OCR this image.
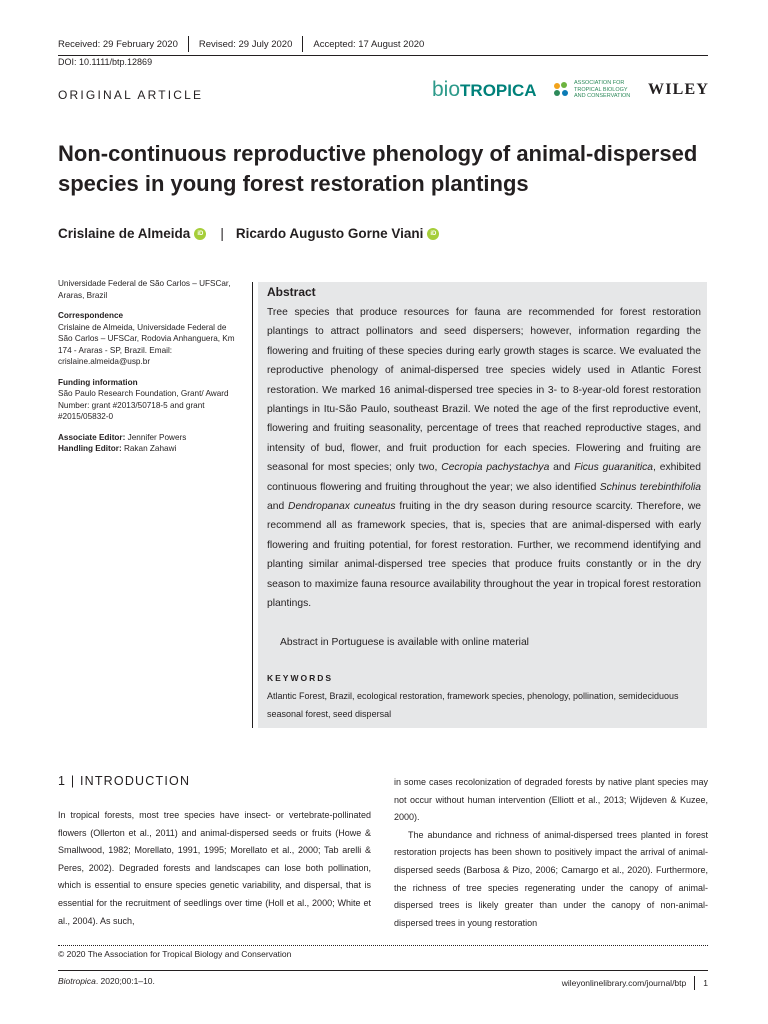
Received: 29 February 2020 Revised: 29 July 2020 Accepted: 17 August 2020
DOI: 10.1111/btp.12869
ORIGINAL ARTICLE	bioTROPICA	ASSOCIATION FOR TROPICAL BIOLOGY AND CONSERVATION	WILEY
Non-continuous reproductive phenology of animal-dispersed species in young forest restoration plantings
Crislaine de Almeida	iD | Ricardo Augusto Gorne Viani	iD
Universidade Federal de São Carlos – UFSCar, Araras, Brazil
Correspondence
Crislaine de Almeida, Universidade Federal de São Carlos – UFSCar, Rodovia Anhanguera, Km 174 - Araras - SP, Brazil. Email: crislaine.almeida@usp.br
Funding information
São Paulo Research Foundation, Grant/ Award Number: grant #2013/50718-5 and grant #2015/05832-0
Associate Editor: Jennifer Powers
Handling Editor: Rakan Zahawi
Abstract
Tree species that produce resources for fauna are recommended for forest restoration plantings to attract pollinators and seed dispersers; however, information regarding the flowering and fruiting of these species during early growth stages is scarce. We evaluated the reproductive phenology of animal-dispersed tree species widely used in Atlantic Forest restoration. We marked 16 animal-dispersed tree species in 3- to 8-year-old forest restoration plantings in Itu-São Paulo, southeast Brazil. We noted the age of the first reproductive event, flowering and fruiting seasonality, percentage of trees that reached reproductive stages, and intensity of bud, flower, and fruit production for each species. Flowering and fruiting are seasonal for most species; only two, Cecropia pachystachya and Ficus guaranitica, exhibited continuous flowering and fruiting throughout the year; we also identified Schinus terebinthifolia and Dendropanax cuneatus fruiting in the dry season during resource scarcity. Therefore, we recommend all as framework species, that is, species that are animal-dispersed with early flowering and fruiting potential, for forest restoration. Further, we recommend identifying and planting similar animal-dispersed tree species that produce fruits constantly or in the dry season to maximize fauna resource availability throughout the year in tropical forest restoration plantings.
Abstract in Portuguese is available with online material
KEYWORDS
Atlantic Forest, Brazil, ecological restoration, framework species, phenology, pollination, semideciduous seasonal forest, seed dispersal
1 | INTRODUCTION
In tropical forests, most tree species have insect- or vertebrate-pollinated flowers (Ollerton et al., 2011) and animal-dispersed seeds or fruits (Howe & Smallwood, 1982; Morellato, 1991, 1995; Morellato et al., 2000; Tab arelli & Peres, 2002). Degraded forests and landscapes can lose both pollination, which is essential to ensure species genetic variability, and dispersal, that is essential for the recruitment of seedlings over time (Holl et al., 2000; White et al., 2004). As such,
in some cases recolonization of degraded forests by native plant species may not occur without human intervention (Elliott et al., 2013; Wijdeven & Kuzee, 2000).
The abundance and richness of animal-dispersed trees planted in forest restoration projects has been shown to positively impact the arrival of animal-dispersed seeds (Barbosa & Pizo, 2006; Camargo et al., 2020). Furthermore, the richness of tree species regenerating under the canopy of animal-dispersed trees is likely greater than under the canopy of non-animal-dispersed trees in young restoration
© 2020 The Association for Tropical Biology and Conservation
Biotropica. 2020;00:1–10.	wileyonlinelibrary.com/journal/btp 1
